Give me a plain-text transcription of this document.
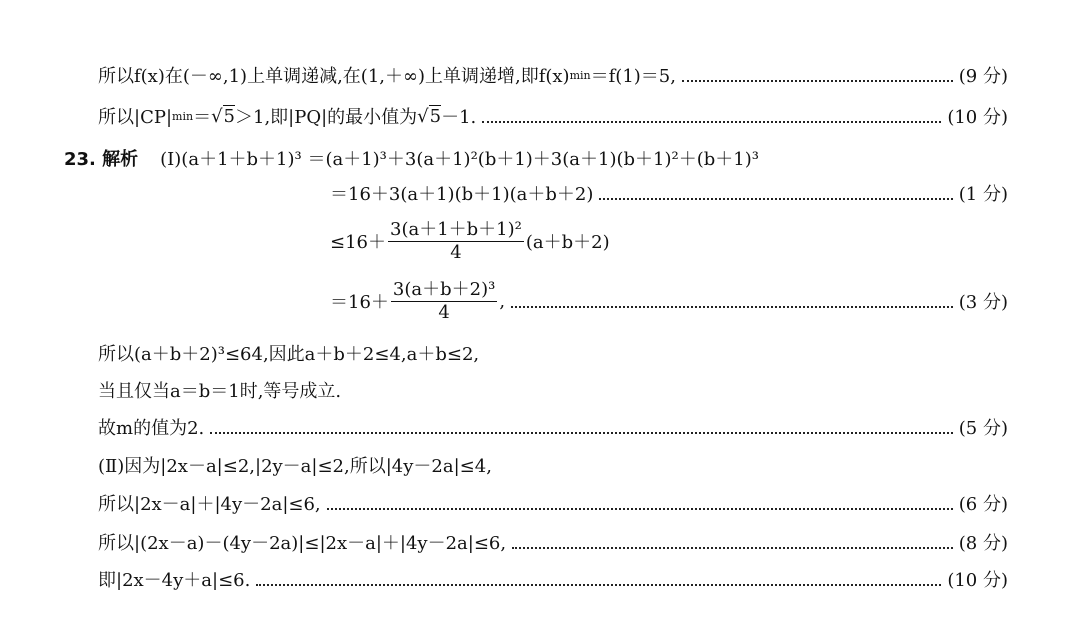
所以f(x)在(－∞,1)上单调递减,在(1,＋∞)上单调递增,即f(x) min ＝f(1)＝5,	(9 分)
所以|CP| min ＝ √ 5 ＞1,即|PQ|的最小值为 √ 5 －1.	(10 分)
23. 解析 (Ⅰ)(a＋1＋b＋1)³ ＝(a＋1)³＋3(a＋1)²(b＋1)＋3(a＋1)(b＋1)²＋(b＋1)³
＝16＋3(a＋1)(b＋1)(a＋b＋2)	(1 分)
$\le 16+ \frac{\text{3(a＋1＋b＋1)²}}{4} (a+b+2)$
$=16+ \frac{\text{3(a＋b＋2)³}}{4}$ ,	(3 分)
所以(a＋b＋2)³≤64,因此a＋b＋2≤4,a＋b≤2,
当且仅当a＝b＝1时,等号成立.
故m的值为2.	(5 分)
(Ⅱ)因为|2x－a|≤2,|2y－a|≤2,所以|4y－2a|≤4,
所以|2x－a|＋|4y－2a|≤6,	(6 分)
所以|(2x－a)－(4y－2a)|≤|2x－a|＋|4y－2a|≤6,	(8 分)
即|2x－4y＋a|≤6.	(10 分)
